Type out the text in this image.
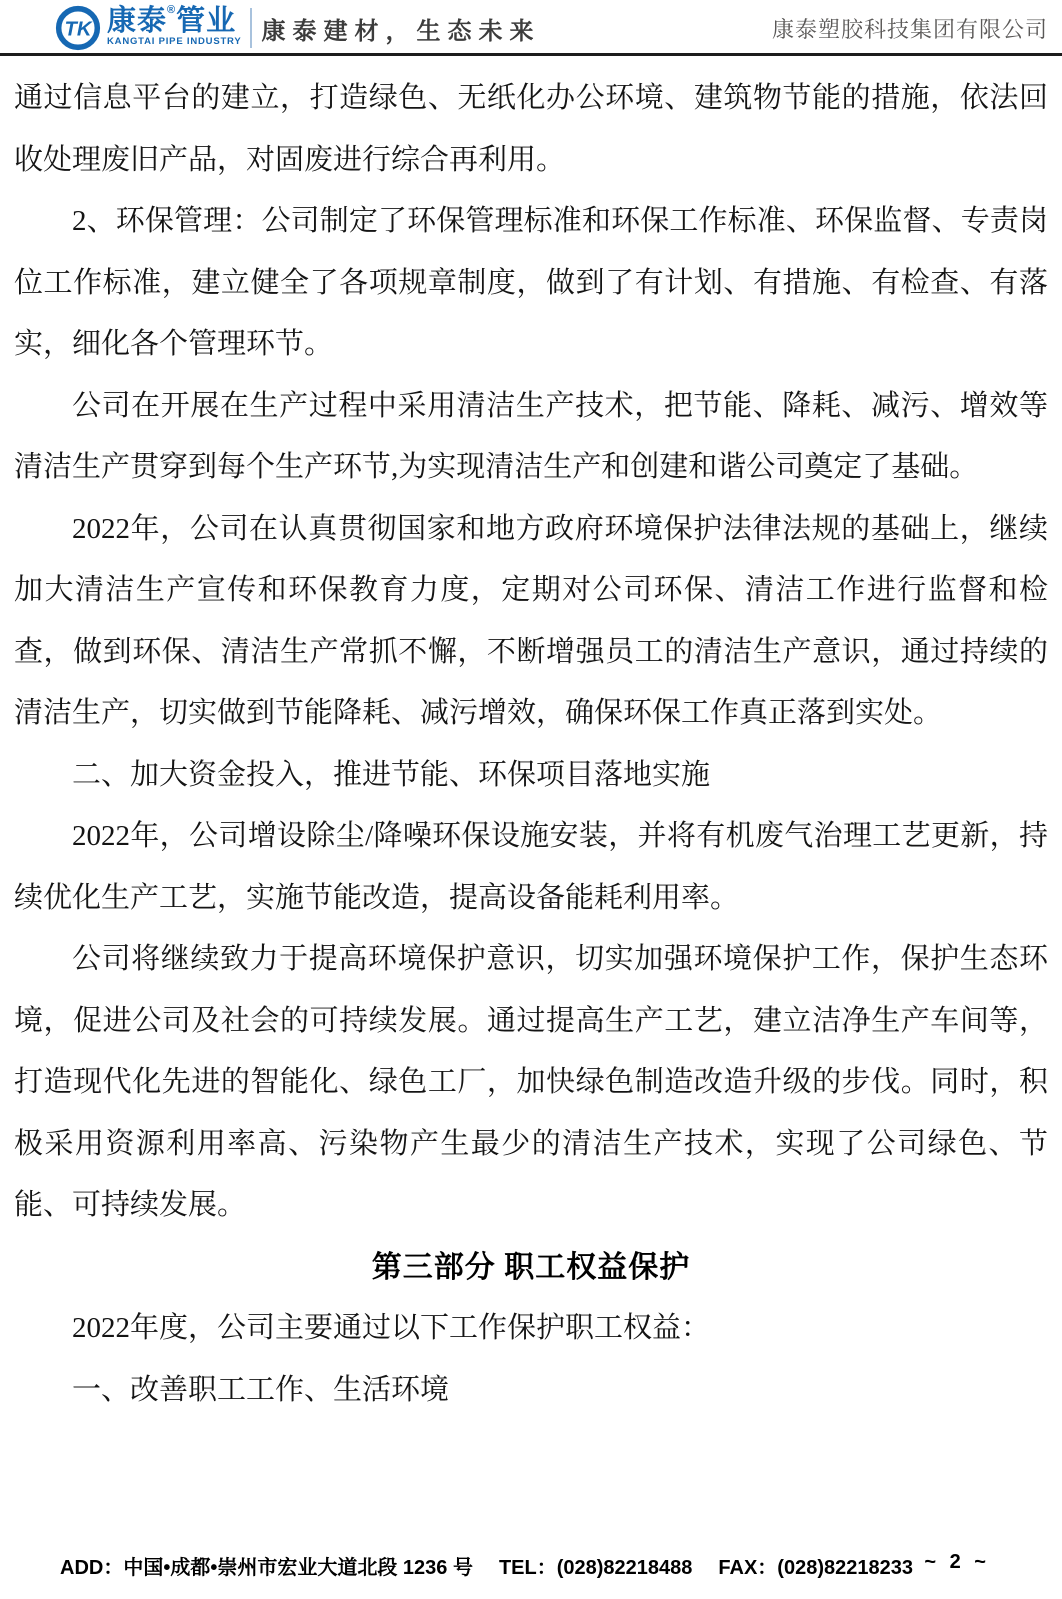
TK 康泰®管业
KANGTAI PIPE INDUSTRY 康泰建材，生态未来	康泰塑胶科技集团有限公司

通过信息平台的建立，打造绿色、无纸化办公环境、建筑物节能的措施，依法回收处理废旧产品，对固废进行综合再利用。

2、环保管理：公司制定了环保管理标准和环保工作标准、环保监督、专责岗位工作标准，建立健全了各项规章制度，做到了有计划、有措施、有检查、有落实，细化各个管理环节。

公司在开展在生产过程中采用清洁生产技术，把节能、降耗、减污、增效等清洁生产贯穿到每个生产环节,为实现清洁生产和创建和谐公司奠定了基础。

2022年，公司在认真贯彻国家和地方政府环境保护法律法规的基础上，继续加大清洁生产宣传和环保教育力度，定期对公司环保、清洁工作进行监督和检查，做到环保、清洁生产常抓不懈，不断增强员工的清洁生产意识，通过持续的清洁生产，切实做到节能降耗、减污增效，确保环保工作真正落到实处。

二、加大资金投入，推进节能、环保项目落地实施

2022年，公司增设除尘/降噪环保设施安装，并将有机废气治理工艺更新，持续优化生产工艺，实施节能改造，提高设备能耗利用率。

公司将继续致力于提高环境保护意识，切实加强环境保护工作，保护生态环境，促进公司及社会的可持续发展。通过提高生产工艺，建立洁净生产车间等，打造现代化先进的智能化、绿色工厂，加快绿色制造改造升级的步伐。同时，积极采用资源利用率高、污染物产生最少的清洁生产技术，实现了公司绿色、节能、可持续发展。

第三部分 职工权益保护

2022年度，公司主要通过以下工作保护职工权益：

一、改善职工工作、生活环境

ADD：中国•成都•崇州市宏业大道北段 1236 号 TEL：(028)82218488 FAX：(028)82218233 ~ 2 ~
